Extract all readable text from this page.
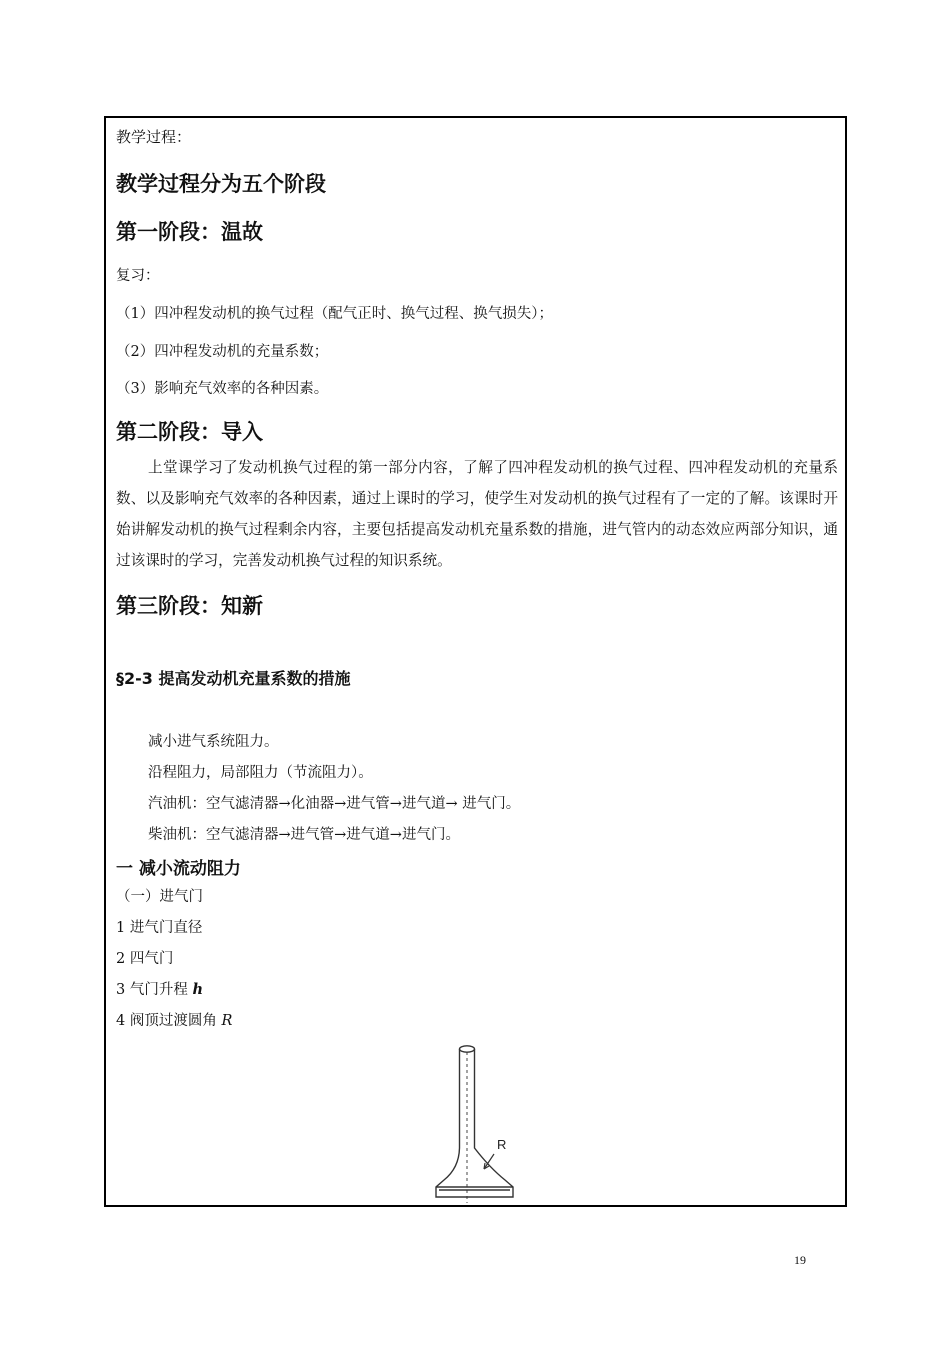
教学过程：
教学过程分为五个阶段
第一阶段：温故
复习：
（1）四冲程发动机的换气过程（配气正时、换气过程、换气损失）；
（2）四冲程发动机的充量系数；
（3）影响充气效率的各种因素。
第二阶段：导入

上堂课学习了发动机换气过程的第一部分内容，了解了四冲程发动机的换气过程、四冲程发动机的充量系数、以及影响充气效率的各种因素，通过上课时的学习，使学生对发动机的换气过程有了一定的了解。该课时开始讲解发动机的换气过程剩余内容，主要包括提高发动机充量系数的措施，进气管内的动态效应两部分知识，通过该课时的学习，完善发动机换气过程的知识系统。

第三阶段：知新
§2-3 提高发动机充量系数的措施
减小进气系统阻力。
沿程阻力，局部阻力（节流阻力）。
汽油机：空气滤清器→化油器→进气管→进气道→ 进气门。
柴油机：空气滤清器→进气管→进气道→进气门。
一 减小流动阻力
（一）进气门
1 进气门直径
2 四气门
3 气门升程 h
4 阀顶过渡圆角 R
R
19
